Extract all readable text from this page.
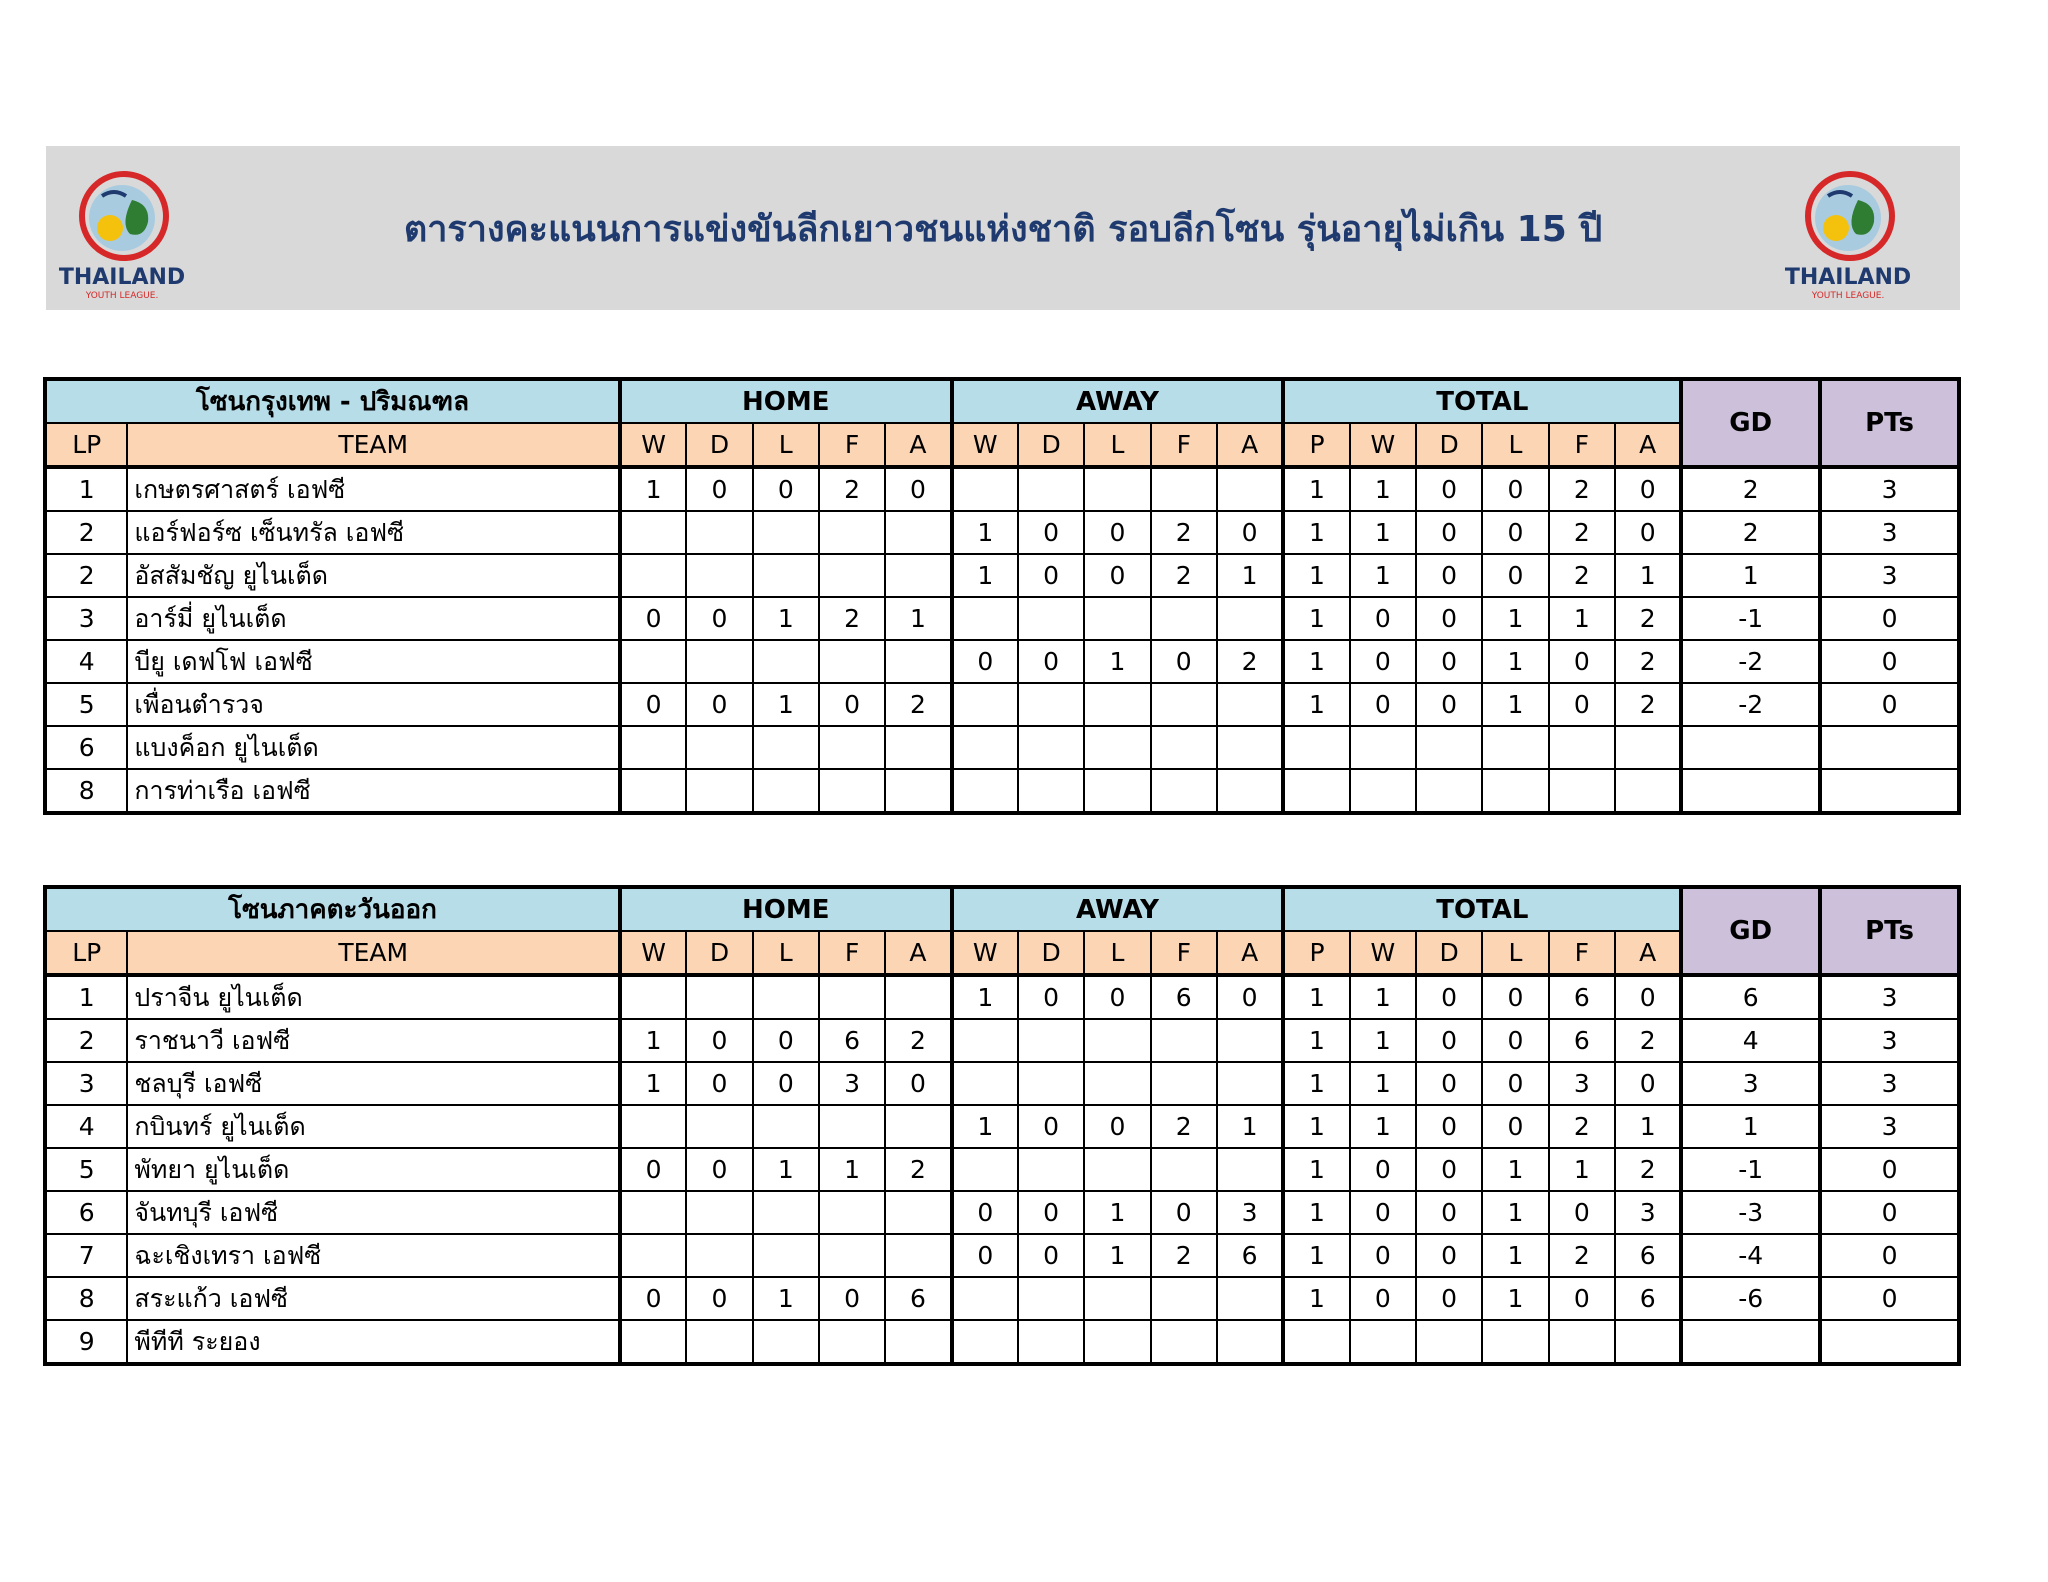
THAILAND
YOUTH LEAGUE.
ตารางคะแนนการแข่งขันลีกเยาวชนแห่งชาติ รอบลีกโซน รุ่นอายุไม่เกิน 15 ปี
THAILAND
YOUTH LEAGUE.
โซนกรุงเทพ - ปริมณฑล		HOME					AWAY					TOTAL						GD	PTs
LP	TEAM	W	D	L	F	A	W	D	L	F	A	P	W	D	L	F	A		
1	เกษตรศาสตร์ เอฟซี	1	0	0	2	0						1	1	0	0	2	0	2	3
2	แอร์ฟอร์ซ เซ็นทรัล เอฟซี						1	0	0	2	0	1	1	0	0	2	0	2	3
2	อัสสัมชัญ ยูไนเต็ด						1	0	0	2	1	1	1	0	0	2	1	1	3
3	อาร์มี่ ยูไนเต็ด	0	0	1	2	1						1	0	0	1	1	2	-1	0
4	บียู เดฟโฟ เอฟซี						0	0	1	0	2	1	0	0	1	0	2	-2	0
5	เพื่อนตำรวจ	0	0	1	0	2						1	0	0	1	0	2	-2	0
6	แบงค็อก ยูไนเต็ด																		
8	การท่าเรือ เอฟซี																		
โซนภาคตะวันออก		HOME					AWAY					TOTAL						GD	PTs
LP	TEAM	W	D	L	F	A	W	D	L	F	A	P	W	D	L	F	A		
1	ปราจีน ยูไนเต็ด						1	0	0	6	0	1	1	0	0	6	0	6	3
2	ราชนาวี เอฟซี	1	0	0	6	2						1	1	0	0	6	2	4	3
3	ชลบุรี เอฟซี	1	0	0	3	0						1	1	0	0	3	0	3	3
4	กบินทร์ ยูไนเต็ด						1	0	0	2	1	1	1	0	0	2	1	1	3
5	พัทยา ยูไนเต็ด	0	0	1	1	2						1	0	0	1	1	2	-1	0
6	จันทบุรี เอฟซี						0	0	1	0	3	1	0	0	1	0	3	-3	0
7	ฉะเชิงเทรา เอฟซี						0	0	1	2	6	1	0	0	1	2	6	-4	0
8	สระแก้ว เอฟซี	0	0	1	0	6						1	0	0	1	0	6	-6	0
9	พีทีที ระยอง																		
